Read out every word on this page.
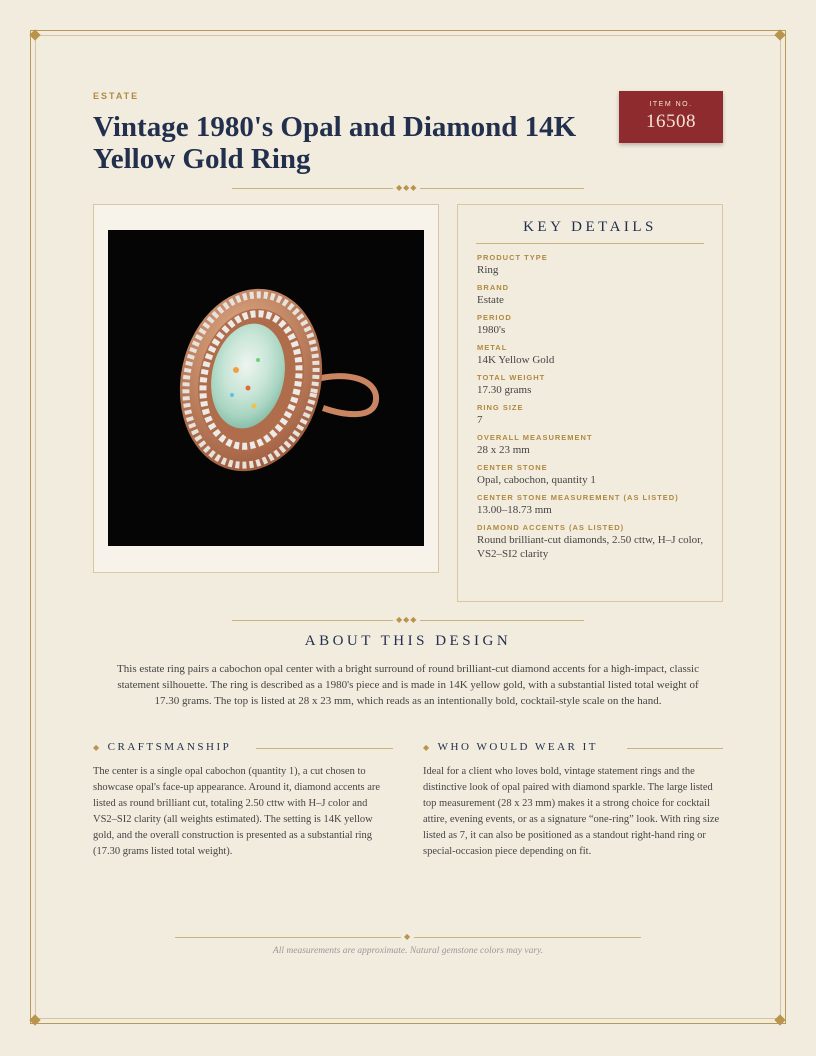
ESTATE
Vintage 1980's Opal and Diamond 14K Yellow Gold Ring
ITEM NO.
16508
◆◆◆
KEY DETAILS
PRODUCT TYPE
Ring
BRAND
Estate
PERIOD
1980's
METAL
14K Yellow Gold
TOTAL WEIGHT
17.30 grams
RING SIZE
7
OVERALL MEASUREMENT
28 x 23 mm
CENTER STONE
Opal, cabochon, quantity 1
CENTER STONE MEASUREMENT (AS LISTED)
13.00–18.73 mm
DIAMOND ACCENTS (AS LISTED)
Round brilliant-cut diamonds, 2.50 cttw, H–J color, VS2–SI2 clarity
◆◆◆
ABOUT THIS DESIGN

This estate ring pairs a cabochon opal center with a bright surround of round brilliant-cut diamond accents for a high-impact, classic statement silhouette. The ring is described as a 1980's piece and is made in 14K yellow gold, with a substantial listed total weight of 17.30 grams. The top is listed at 28 x 23 mm, which reads as an intentionally bold, cocktail-style scale on the hand.

◆ CRAFTSMANSHIP

The center is a single opal cabochon (quantity 1), a cut chosen to showcase opal's face-up appearance. Around it, diamond accents are listed as round brilliant cut, totaling 2.50 cttw with H–J color and VS2–SI2 clarity (all weights estimated). The setting is 14K yellow gold, and the overall construction is presented as a substantial ring (17.30 grams listed total weight).

◆ WHO WOULD WEAR IT

Ideal for a client who loves bold, vintage statement rings and the distinctive look of opal paired with diamond sparkle. The large listed top measurement (28 x 23 mm) makes it a strong choice for cocktail attire, evening events, or as a signature “one-ring” look. With ring size listed as 7, it can also be positioned as a standout right-hand ring or special-occasion piece depending on fit.

◆
All measurements are approximate. Natural gemstone colors may vary.
